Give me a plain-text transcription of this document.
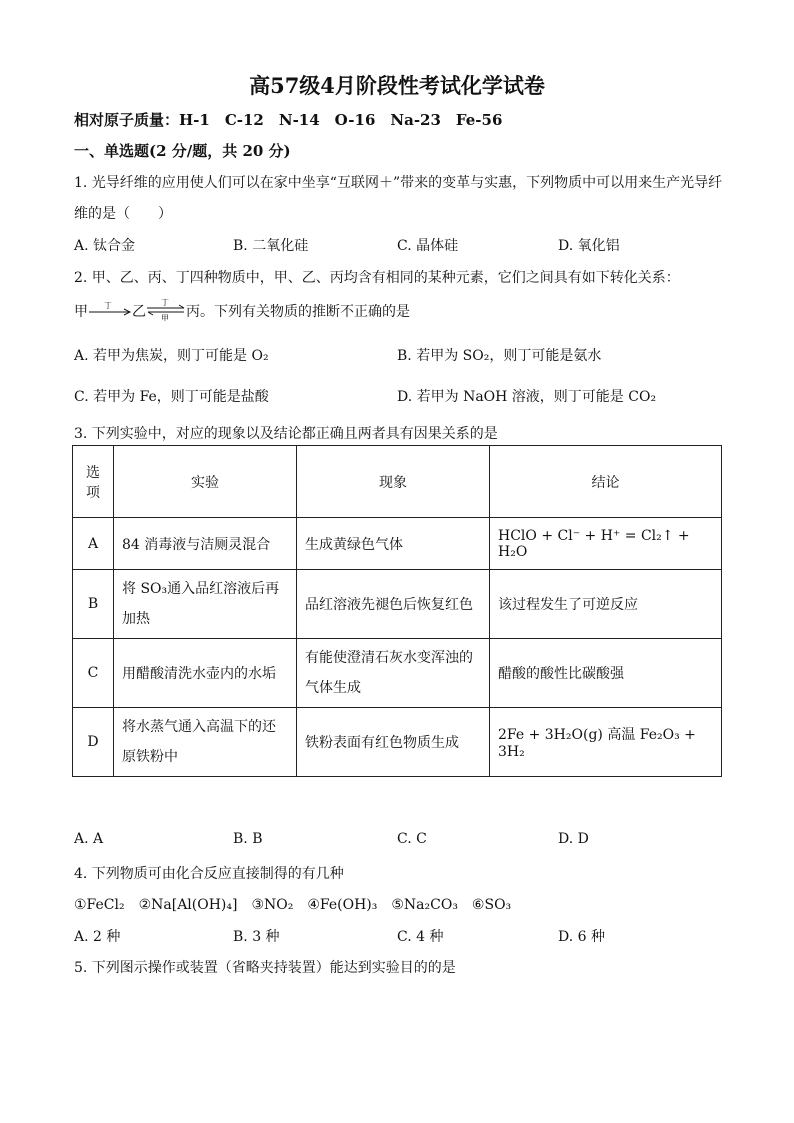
高57级4月阶段性考试化学试卷
相对原子质量：H-1　C-12　N-14　O-16　Na-23　Fe-56
一、单选题(2 分/题，共 20 分)
1. 光导纤维的应用使人们可以在家中坐享“互联网＋”带来的变革与实惠，下列物质中可以用来生产光导纤
维的是（　　）
A. 钛合金	B. 二氧化硅	C. 晶体硅	D. 氧化铝
2. 甲、乙、丙、丁四种物质中，甲、乙、丙均含有相同的某种元素，它们之间具有如下转化关系：
甲 丁 乙
丁
甲 丙。下列有关物质的推断不正确的是
A. 若甲为焦炭，则丁可能是 O₂	B. 若甲为 SO₂，则丁可能是氨水
C. 若甲为 Fe，则丁可能是盐酸	D. 若甲为 NaOH 溶液，则丁可能是 CO₂
3. 下列实验中，对应的现象以及结论都正确且两者具有因果关系的是
选项	实验	现象	结论
A	84 消毒液与洁厕灵混合	生成黄绿色气体	HClO + Cl⁻ + H⁺ = Cl₂↑ + H₂O
B	将 SO₃通入品红溶液后再加热	品红溶液先褪色后恢复红色	该过程发生了可逆反应
C	用醋酸清洗水壶内的水垢	有能使澄清石灰水变浑浊的气体生成	醋酸的酸性比碳酸强
D	将水蒸气通入高温下的还原铁粉中	铁粉表面有红色物质生成	2Fe + 3H₂O(g) 高温 Fe₂O₃ + 3H₂
A. A	B. B	C. C	D. D
4. 下列物质可由化合反应直接制得的有几种
①FeCl₂　②Na[Al(OH)₄]　③NO₂　④Fe(OH)₃　⑤Na₂CO₃　⑥SO₃
A. 2 种	B. 3 种	C. 4 种	D. 6 种
5. 下列图示操作或装置（省略夹持装置）能达到实验目的的是
